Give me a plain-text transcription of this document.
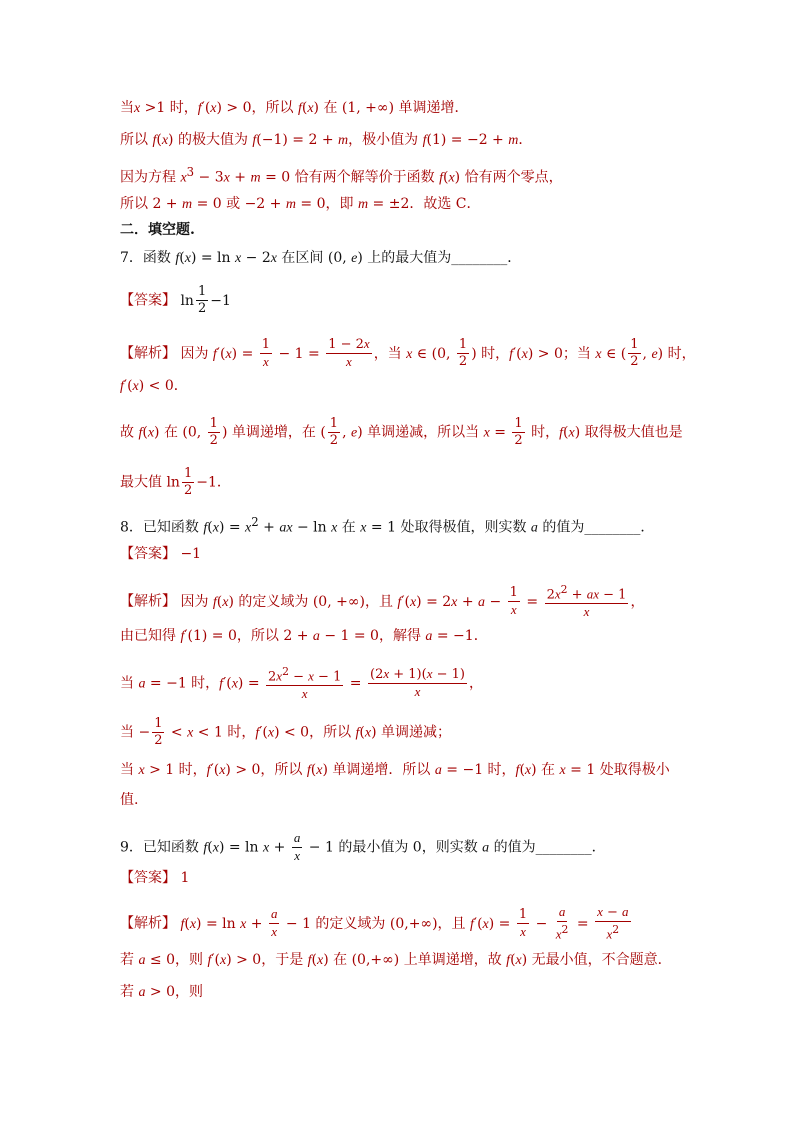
当x >1 时，f′(x) > 0，所以 f(x) 在 (1, +∞) 单调递增．
所以 f(x) 的极大值为 f(−1) = 2 + m，极小值为 f(1) = −2 + m．
因为方程 $x^3 - 3x + m = 0$ 恰有两个解等价于函数 f(x) 恰有两个零点，
所以 2 + m = 0 或 −2 + m = 0，即 m = ±2．故选 C．
二．填空题.
7．函数 f(x) = ln x − 2x 在区间 (0, e) 上的最大值为________．
【答案】 $\ln \frac{1}{2} -1$
【解析】 因为 $f'(x) = \frac{1}{x} - 1 = \frac{1 - 2x}{x}$ ，当 x ∈ (0, $\frac{1}{2}$ ) 时，f′(x) > 0；当 x ∈ ( $\frac{1}{2}$ , e) 时，
f′(x) < 0．
故 f(x) 在 (0, $\frac{1}{2}$ ) 单调递增，在 ( $\frac{1}{2}$ , e) 单调递减，所以当 $x = \frac{1}{2}$ 时，f(x) 取得极大值也是
最大值 $\ln \frac{1}{2} -1$．
8．已知函数 $f(x) = x^2$ + ax − ln x 在 x = 1 处取得极值，则实数 a 的值为________．
【答案】 −1
【解析】 因为 f(x) 的定义域为 (0, +∞)，且 $f'(x) = 2x + a - \frac{1}{x} = \frac{2x^2 + ax - 1}{x}$ ，
由已知得 f′(1) = 0，所以 2 + a − 1 = 0，解得 a = −1．
当 a = −1 时，$f'(x) = \frac{2x^2 - x - 1}{x} = \frac{(2x + 1)(x - 1)}{x}$ ，
当 − $\frac{1}{2} < x < 1$ 时，f′(x) < 0，所以 f(x) 单调递减；
当 x > 1 时，f′(x) > 0，所以 f(x) 单调递增．所以 a = −1 时，f(x) 在 x = 1 处取得极小
值.
9．已知函数 $f(x) = \ln x + \frac{a}{x} - 1$ 的最小值为 0，则实数 a 的值为________．
【答案】 1
【解析】 $f(x) = \ln x + \frac{a}{x} - 1$ 的定义域为 (0,+∞)，且 $f'(x) = \frac{1}{x} - \frac{a}{x^2} = \frac{x - a}{x^2}$
若 a ≤ 0，则 f′(x) > 0，于是 f(x) 在 (0,+∞) 上单调递增，故 f(x) 无最小值，不合题意．
若 a > 0，则
